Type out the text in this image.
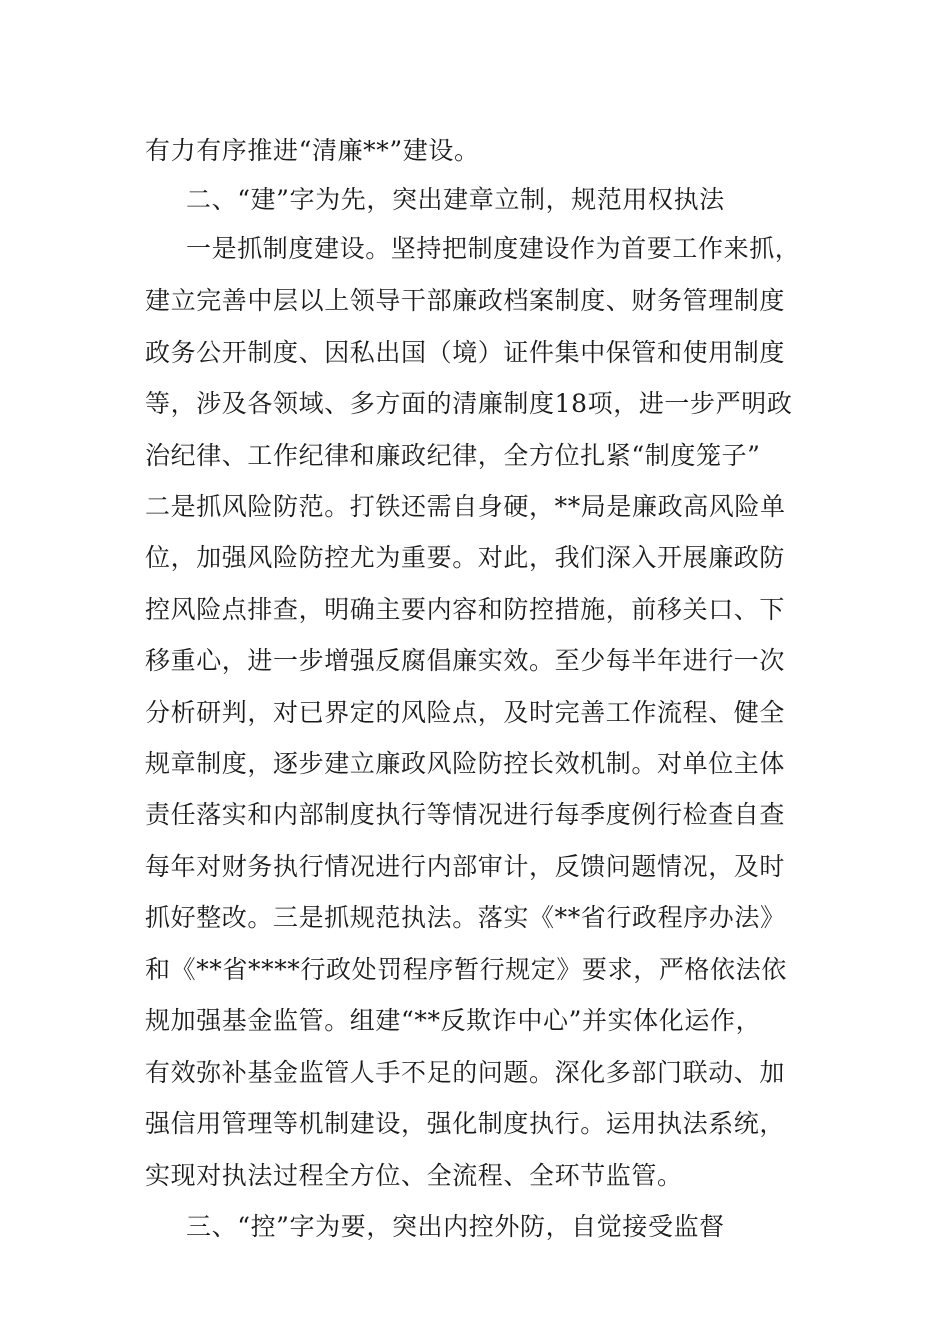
有力有序推进“清廉**”建设。
二、“建”字为先，突出建章立制，规范用权执法
一是抓制度建设。坚持把制度建设作为首要工作来抓，
建立完善中层以上领导干部廉政档案制度、财务管理制度
政务公开制度、因私出国（境）证件集中保管和使用制度
等，涉及各领域、多方面的清廉制度18项，进一步严明政
治纪律、工作纪律和廉政纪律，全方位扎紧“制度笼子”
二是抓风险防范。打铁还需自身硬，**局是廉政高风险单
位，加强风险防控尤为重要。对此，我们深入开展廉政防
控风险点排查，明确主要内容和防控措施，前移关口、下
移重心，进一步增强反腐倡廉实效。至少每半年进行一次
分析研判，对已界定的风险点，及时完善工作流程、健全
规章制度，逐步建立廉政风险防控长效机制。对单位主体
责任落实和内部制度执行等情况进行每季度例行检查自查
每年对财务执行情况进行内部审计，反馈问题情况，及时
抓好整改。三是抓规范执法。落实《**省行政程序办法》
和《**省****行政处罚程序暂行规定》要求，严格依法依
规加强基金监管。组建“**反欺诈中心”并实体化运作，
有效弥补基金监管人手不足的问题。深化多部门联动、加
强信用管理等机制建设，强化制度执行。运用执法系统，
实现对执法过程全方位、全流程、全环节监管。
三、“控”字为要，突出内控外防，自觉接受监督
